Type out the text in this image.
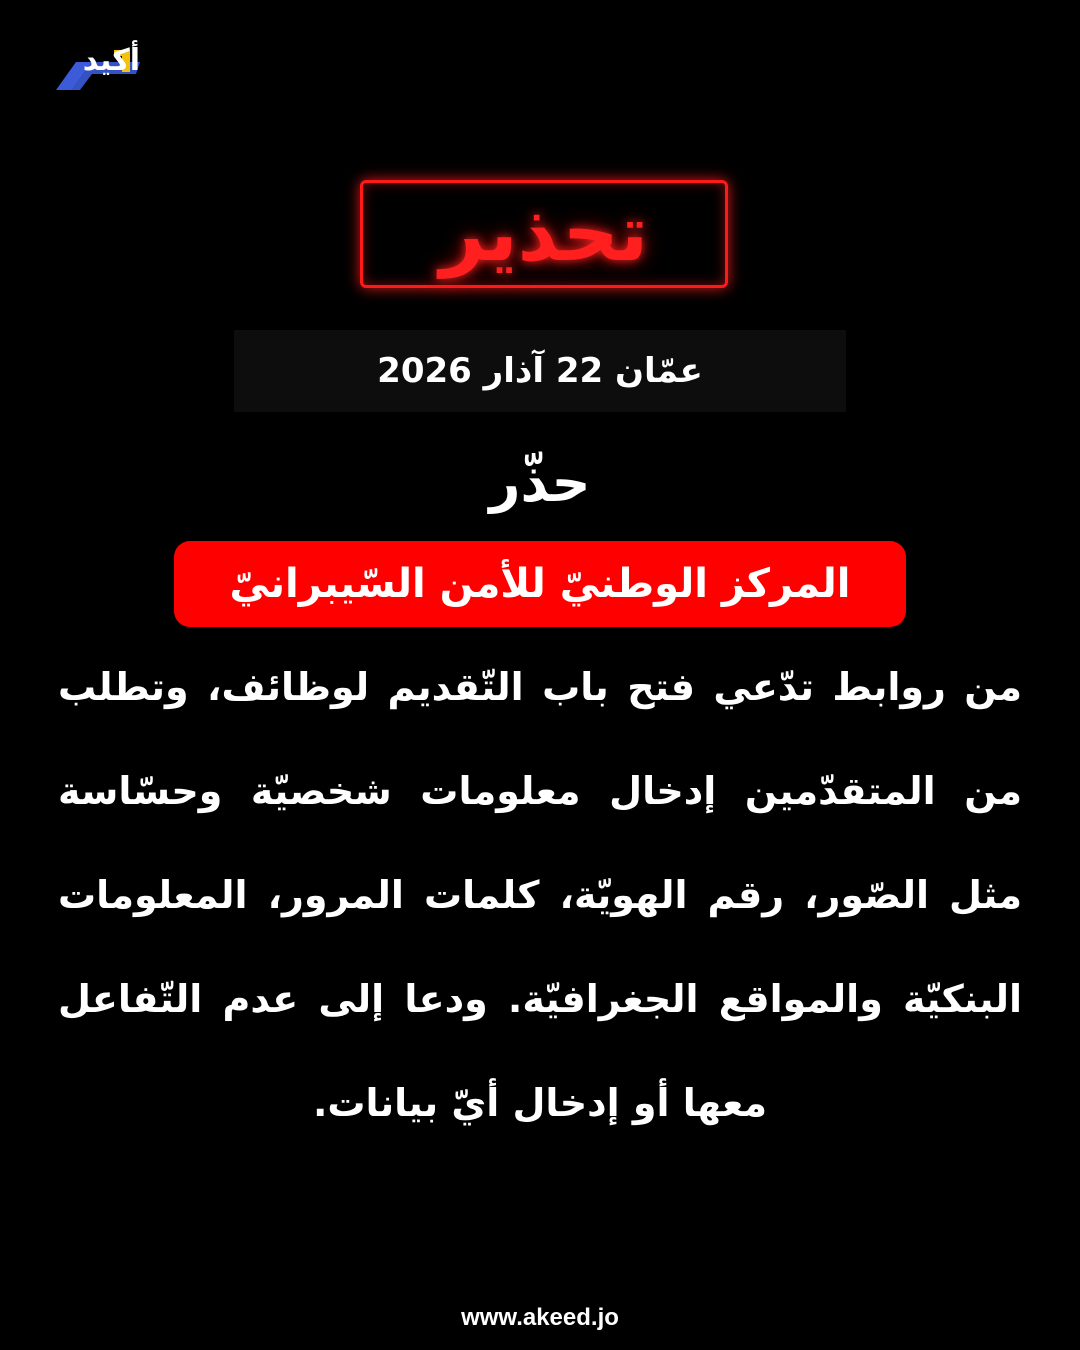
أكيد
تحذير
عمّان 22 آذار 2026
حذّر
المركز الوطنيّ للأمن السّيبرانيّ
من روابط تدّعي فتح باب التّقديم لوظائف، وتطلب
من المتقدّمين إدخال معلومات شخصيّة وحسّاسة
مثل الصّور، رقم الهويّة، كلمات المرور، المعلومات
البنكيّة والمواقع الجغرافيّة. ودعا إلى عدم التّفاعل
معها أو إدخال أيّ بيانات.
www.akeed.jo
